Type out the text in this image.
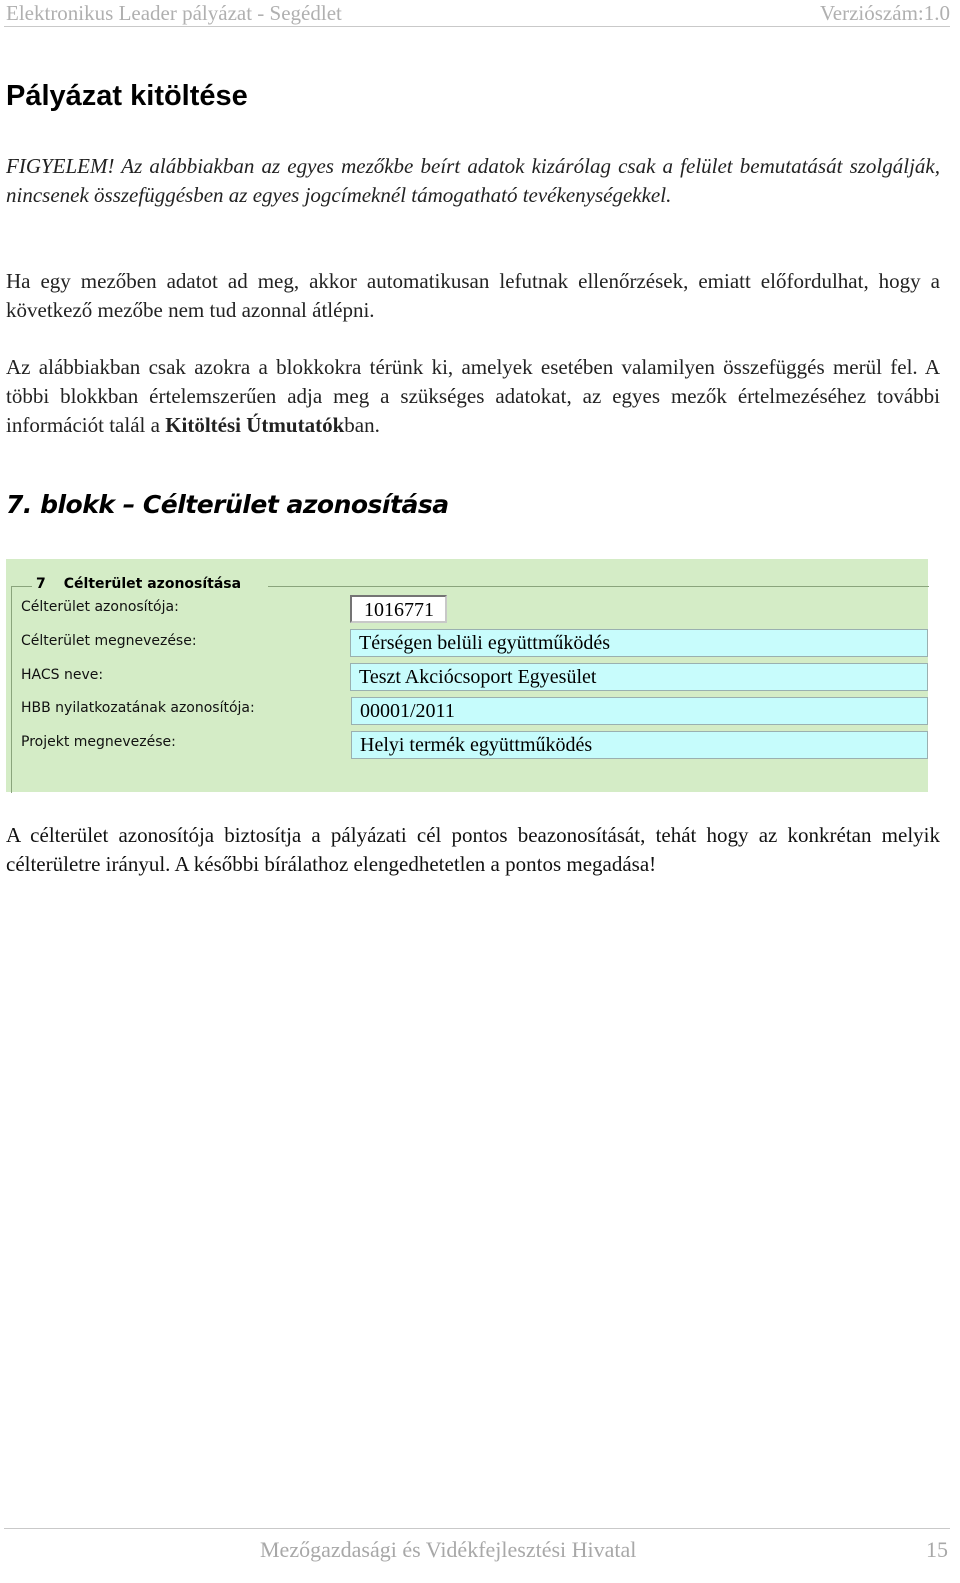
Elektronikus Leader pályázat - Segédlet	Verziószám:1.0
Pályázat kitöltése

FIGYELEM! Az alábbiakban az egyes mezőkbe beírt adatok kizárólag csak a felület bemutatását szolgálják, nincsenek összefüggésben az egyes jogcímeknél támogatható tevékenységekkel.

Ha egy mezőben adatot ad meg, akkor automatikusan lefutnak ellenőrzések, emiatt előfordulhat, hogy a következő mezőbe nem tud azonnal átlépni.

Az alábbiakban csak azokra a blokkokra térünk ki, amelyek esetében valamilyen összefüggés merül fel. A többi blokkban értelemszerűen adja meg a szükséges adatokat, az egyes mezők értelmezéséhez további információt talál a Kitöltési Útmutatókban.

7. blokk – Célterület azonosítása
7 Célterület azonosítása
Célterület azonosítója:	1016771
Célterület megnevezése:	Térségen belüli együttműködés
HACS neve:	Teszt Akciócsoport Egyesület
HBB nyilatkozatának azonosítója:	00001/2011
Projekt megnevezése:	Helyi termék együttműködés

A célterület azonosítója biztosítja a pályázati cél pontos beazonosítását, tehát hogy az konkrétan melyik célterületre irányul. A későbbi bírálathoz elengedhetetlen a pontos megadása!

Mezőgazdasági és Vidékfejlesztési Hivatal	15
